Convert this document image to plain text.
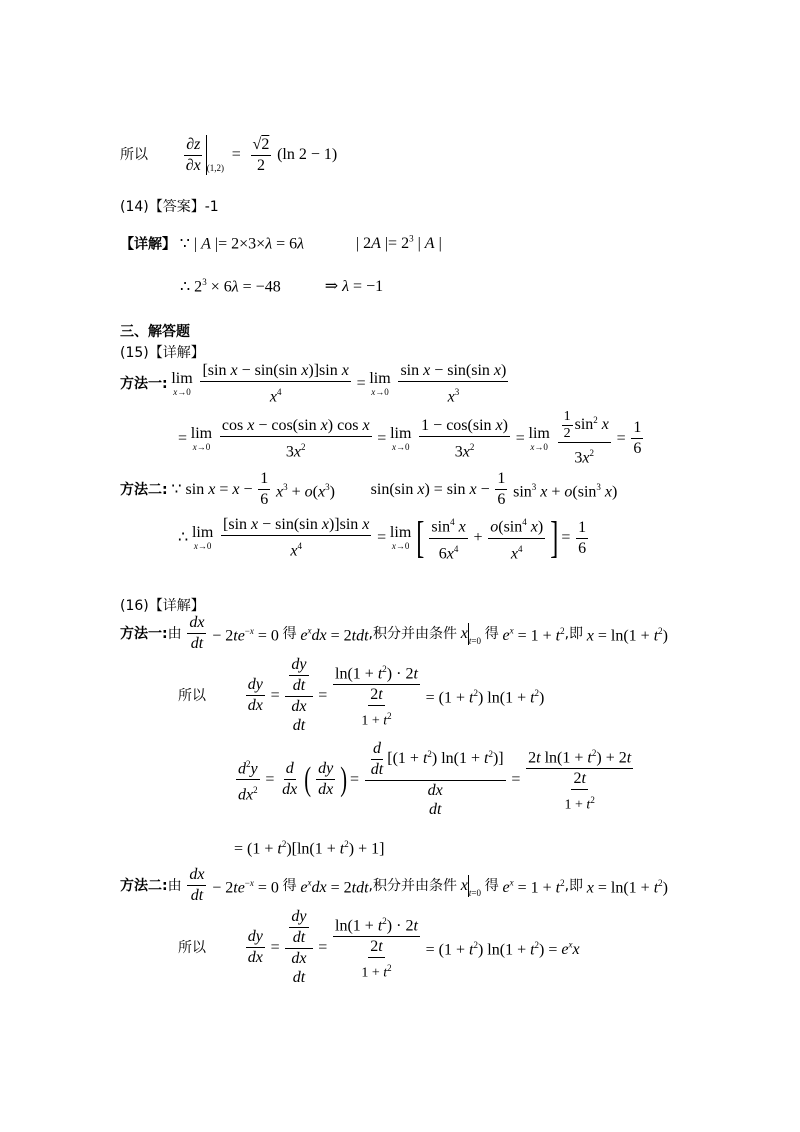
所以 $\frac{\partial z}{\partial x} (1,2) = \frac{√2}{2} (\ln$ 2 − 1)
(14)【答案】-1
【详解】 ∵ | A |= 2×3×λ = 6λ	| 2A |= $2^3$ | A |
∴ $2^3 \times 6\lambda = -48$	⇒ λ = −1
三、解答题
(15)【详解】
方法一: lim
x→0
$\frac{\text{[sin x − sin(sin x)]sin x}}{x^4} = \lim$
x→0
$\frac{\text{sin x − sin(sin x)}}{x^3}$
= lim
x→0
$\frac{\text{cos x − cos(sin x) cos x}}{3x^2} = \lim$
x→0
$\frac{\text{1 − cos(sin x)}}{3x^2} = \lim$
x→0
$\frac{\frac{1}{2} \sin^2 x}{3x^2} = \frac{1}{6}$
方法二: ∵ $\sin x = x - \frac{1}{6} x^3 + o(x^3)$ sin(sin $x) = \sin x - \frac{1}{6} \sin^3 x + o(\sin^3$ x)
∴ lim
x→0
$\frac{\text{[sin x − sin(sin x)]sin x}}{x^4} = \lim$
x→0 [ $\frac{\sin^4 x}{6x^4} + \frac{o(\sin^4 x)}{x^4}$ ] = $\frac{1}{6}$
(16)【详解】
方法一:由 $\frac{dx}{dt} - 2te^{-x} = 0$ 得 $e^xdx = 2tdt$,积分并由条件 xt=0 得 $e^x = 1 + t^2$,即 $x = \ln(1 + t^2)$
所以 $\frac{dy}{dx} = \frac{dy}{dt}$
dx
dt = $\frac{\ln(1 + t^2) \cdot 2t}{\frac{2t}{1 + t^2}} = (1 + t^2) \ln(1 + t^2)$
$\frac{d^2y}{dx^2} = \frac{d}{dx}$ ( $\frac{dy}{dx}$ ) = $\frac{d}{dt} [(1 + t^2) \ln(1 + t^2)]$
dx
dt = $\frac{2t \ln(1 + t^2) + 2t}{\frac{2t}{1 + t^2}}$
= $(1 + t^2)[\ln(1 + t^2) + 1]$
方法二:由 $\frac{dx}{dt} - 2te^{-x} = 0$ 得 $e^xdx = 2tdt$,积分并由条件 xt=0 得 $e^x = 1 + t^2$,即 $x = \ln(1 + t^2)$
所以 $\frac{dy}{dx} = \frac{dy}{dt}$
dx
dt = $\frac{\ln(1 + t^2) \cdot 2t}{\frac{2t}{1 + t^2}} = (1 + t^2) \ln(1 + t^2) = e^xx$
